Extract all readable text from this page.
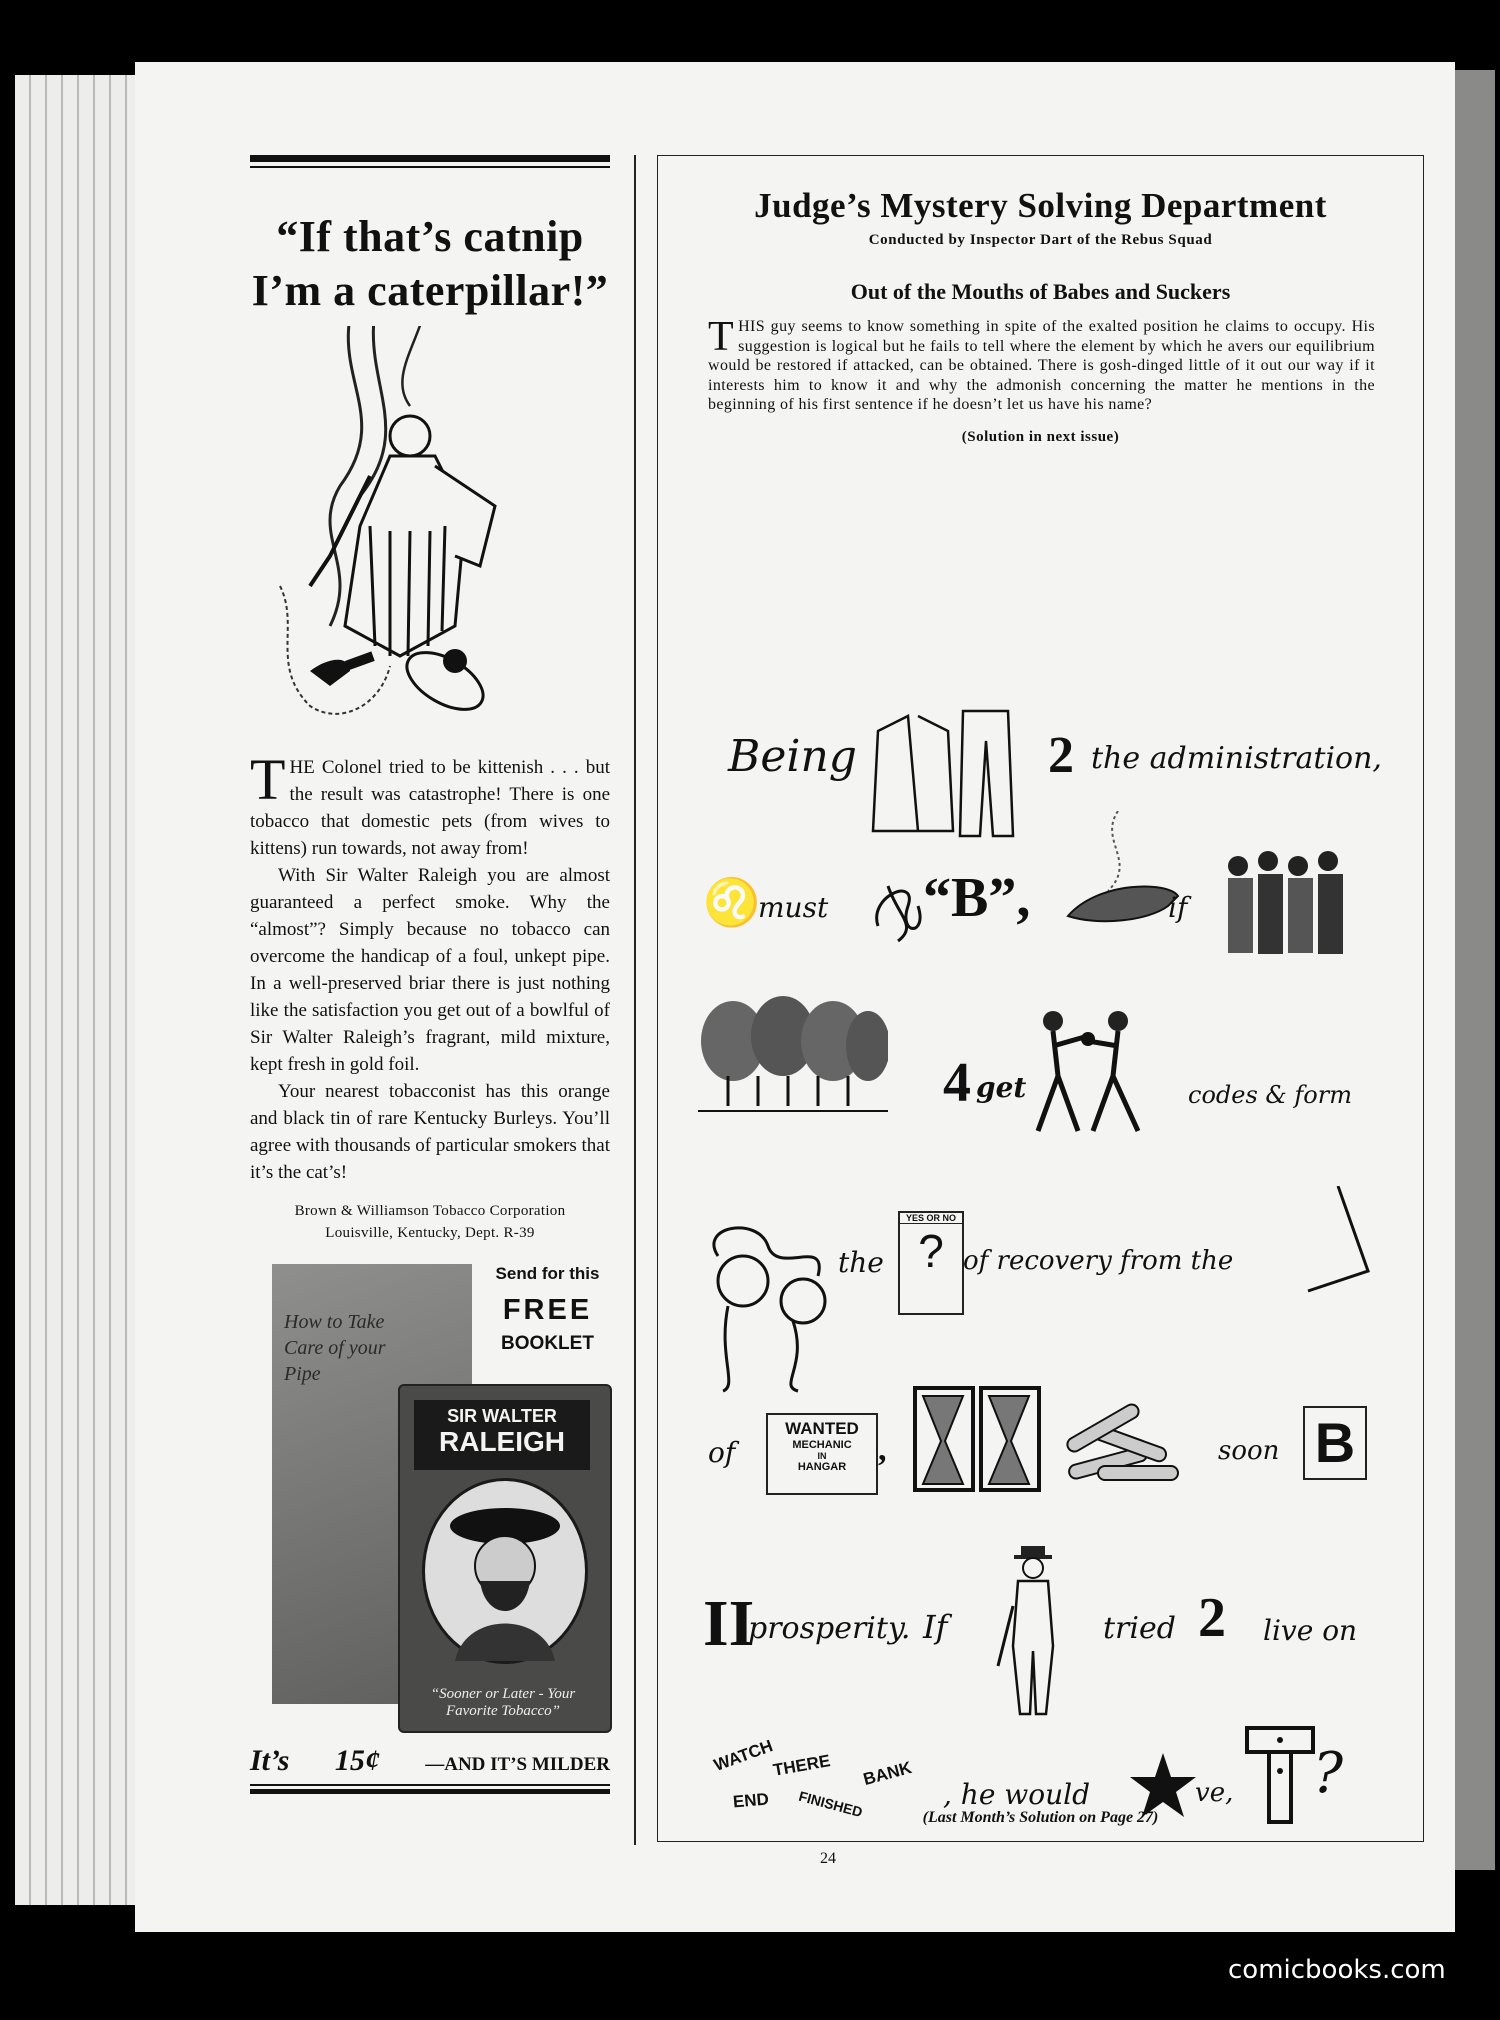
“If that’s catnip
I’m a caterpillar!”

THE Colonel tried to be kittenish . . . but the result was catastrophe! There is one tobacco that domestic pets (from wives to kittens) run towards, not away from!

With Sir Walter Raleigh you are almost guaranteed a perfect smoke. Why the “almost”? Simply because no tobacco can overcome the handicap of a foul, unkept pipe. In a well-preserved briar there is just nothing like the satisfaction you get out of a bowlful of Sir Walter Raleigh’s fragrant, mild mixture, kept fresh in gold foil.

Your nearest tobacconist has this orange and black tin of rare Kentucky Burleys. You’ll agree with thousands of particular smokers that it’s the cat’s!

Brown & Williamson Tobacco Corporation
Louisville, Kentucky, Dept. R-39
How to Take Care of your Pipe
Send for this
FREE
BOOKLET
SIR WALTER
RALEIGH
“Sooner or Later - Your Favorite Tobacco”
It’s 15¢ —AND IT’S MILDER
Judge’s Mystery Solving Department
Conducted by Inspector Dart of the Rebus Squad
Out of the Mouths of Babes and Suckers
THIS guy seems to know something in spite of the exalted position he claims to occupy. His suggestion is logical but he fails to tell where the element by which he avers our equilibrium would be restored if attacked, can be obtained. There is gosh-dinged little of it out our way if it interests him to know it and why the admonish concerning the matter he mentions in the beginning of his first sentence if he doesn’t let us have his name?
(Solution in next issue)
Being	2 the administration,
♌
must “B”,	if
4 get	codes & form
the
YES OR NO
? of recovery from the
of
WANTED
MECHANIC
IN
HANGAR ,	soon B
II
prosperity. If	tried 2 live on
WATCH
THERE BANK
END FINISHED	, he would	ve, ?
(Last Month’s Solution on Page 27)
24
comicbooks.com
